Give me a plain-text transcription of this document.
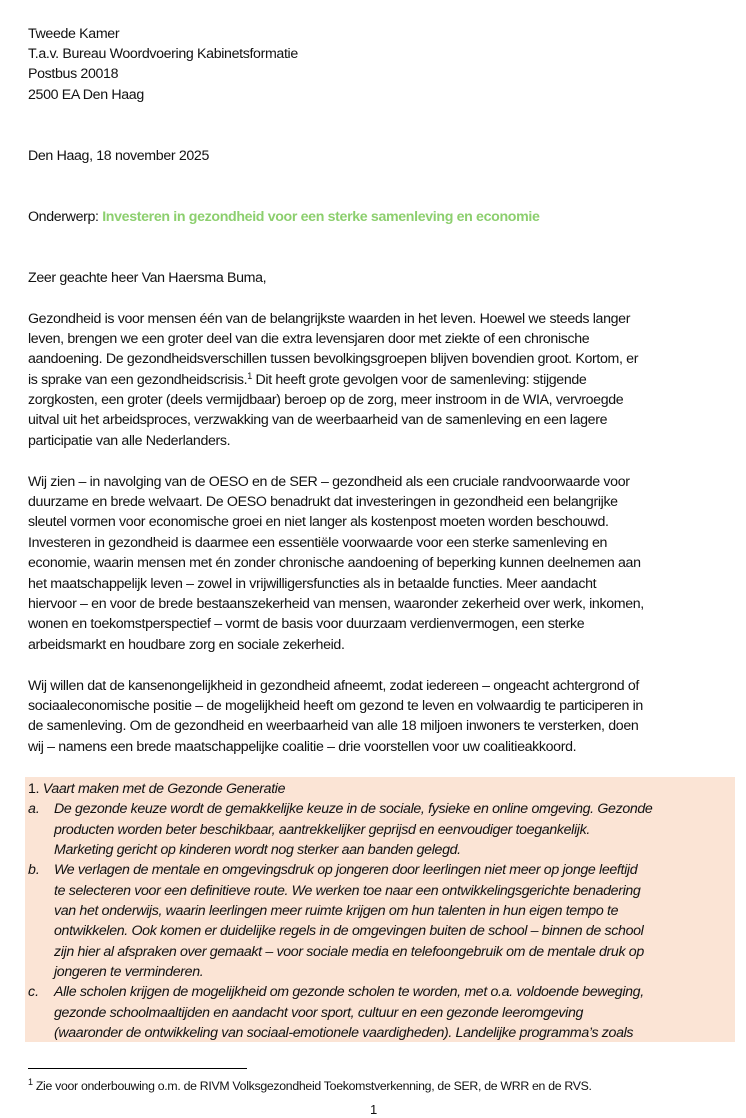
Tweede Kamer
T.a.v. Bureau Woordvoering Kabinetsformatie
Postbus 20018
2500 EA Den Haag
Den Haag, 18 november 2025
Onderwerp: Investeren in gezondheid voor een sterke samenleving en economie
Zeer geachte heer Van Haersma Buma,
Gezondheid is voor mensen één van de belangrijkste waarden in het leven. Hoewel we steeds langer
leven, brengen we een groter deel van die extra levensjaren door met ziekte of een chronische
aandoening. De gezondheidsverschillen tussen bevolkingsgroepen blijven bovendien groot. Kortom, er
is sprake van een gezondheidscrisis.$^1$ Dit heeft grote gevolgen voor de samenleving: stijgende
zorgkosten, een groter (deels vermijdbaar) beroep op de zorg, meer instroom in de WIA, vervroegde
uitval uit het arbeidsproces, verzwakking van de weerbaarheid van de samenleving en een lagere
participatie van alle Nederlanders.
Wij zien – in navolging van de OESO en de SER – gezondheid als een cruciale randvoorwaarde voor
duurzame en brede welvaart. De OESO benadrukt dat investeringen in gezondheid een belangrijke
sleutel vormen voor economische groei en niet langer als kostenpost moeten worden beschouwd.
Investeren in gezondheid is daarmee een essentiële voorwaarde voor een sterke samenleving en
economie, waarin mensen met én zonder chronische aandoening of beperking kunnen deelnemen aan
het maatschappelijk leven – zowel in vrijwilligersfuncties als in betaalde functies. Meer aandacht
hiervoor – en voor de brede bestaanszekerheid van mensen, waaronder zekerheid over werk, inkomen,
wonen en toekomstperspectief – vormt de basis voor duurzaam verdienvermogen, een sterke
arbeidsmarkt en houdbare zorg en sociale zekerheid.
Wij willen dat de kansenongelijkheid in gezondheid afneemt, zodat iedereen – ongeacht achtergrond of
sociaaleconomische positie – de mogelijkheid heeft om gezond te leven en volwaardig te participeren in
de samenleving. Om de gezondheid en weerbaarheid van alle 18 miljoen inwoners te versterken, doen
wij – namens een brede maatschappelijke coalitie – drie voorstellen voor uw coalitieakkoord.
1. Vaart maken met de Gezonde Generatie
a. De gezonde keuze wordt de gemakkelijke keuze in de sociale, fysieke en online omgeving. Gezonde
producten worden beter beschikbaar, aantrekkelijker geprijsd en eenvoudiger toegankelijk.
Marketing gericht op kinderen wordt nog sterker aan banden gelegd.
b. We verlagen de mentale en omgevingsdruk op jongeren door leerlingen niet meer op jonge leeftijd
te selecteren voor een definitieve route. We werken toe naar een ontwikkelingsgerichte benadering
van het onderwijs, waarin leerlingen meer ruimte krijgen om hun talenten in hun eigen tempo te
ontwikkelen. Ook komen er duidelijke regels in de omgevingen buiten de school – binnen de school
zijn hier al afspraken over gemaakt – voor sociale media en telefoongebruik om de mentale druk op
jongeren te verminderen.
c. Alle scholen krijgen de mogelijkheid om gezonde scholen te worden, met o.a. voldoende beweging,
gezonde schoolmaaltijden en aandacht voor sport, cultuur en een gezonde leeromgeving
(waaronder de ontwikkeling van sociaal-emotionele vaardigheden). Landelijke programma’s zoals
$^1$ Zie voor onderbouwing o.m. de RIVM Volksgezondheid Toekomstverkenning, de SER, de WRR en de RVS.
1
